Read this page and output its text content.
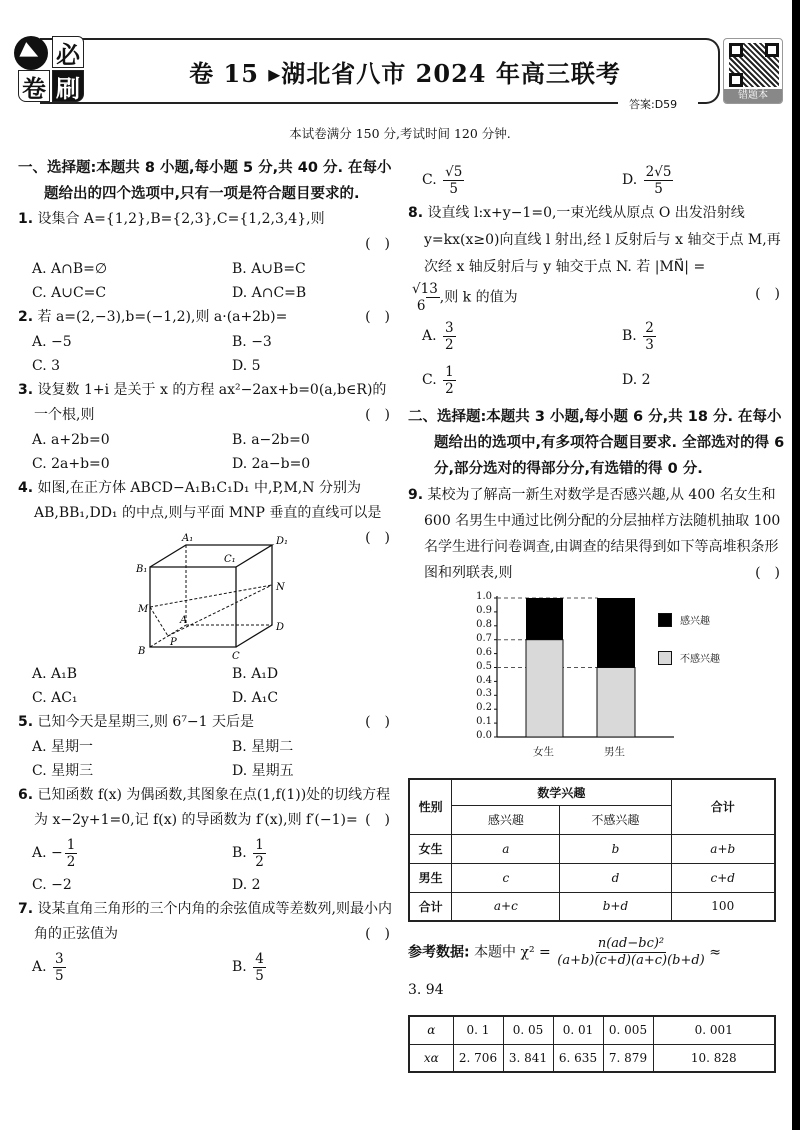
必
卷 刷
卷 15 ▸湖北省八市 2024 年高三联考
答案:D59
错题本
本试卷满分 150 分,考试时间 120 分钟.
一、选择题:本题共 8 小题,每小题 5 分,共 40 分. 在每小题给出的四个选项中,只有一项是符合题目要求的.
1. 设集合 A={1,2},B={2,3},C={1,2,3,4},则
(　)
A. A∩B=∅	B. A∪B=C
C. A∪C=C	D. A∩C=B
2. 若 a=(2,−3),b=(−1,2),则 a·(a+2b)=	(　)
A. −5	B. −3
C. 3	D. 5
3. 设复数 1+i 是关于 x 的方程 ax²−2ax+b=0(a,b∈R)的一个根,则	(　)
A. a+2b=0	B. a−2b=0
C. 2a+b=0	D. 2a−b=0
4. 如图,在正方体 ABCD−A₁B₁C₁D₁ 中,P,M,N 分别为 AB,BB₁,DD₁ 的中点,则与平面 MNP 垂直的直线可以是
(　)
A₁	D₁
B₁
C₁
N
M
A
D
P
B	C
A. A₁B	B. A₁D
C. AC₁	D. A₁C
5. 已知今天是星期三,则 6⁷−1 天后是	(　)
A. 星期一	B. 星期二
C. 星期三	D. 星期五
6. 已知函数 f(x) 为偶函数,其图象在点(1,f(1))处的切线方程为 x−2y+1=0,记 f(x) 的导函数为 f′(x),则 f′(−1)= (　)
A. − $\frac{1}{2}$	B. $\frac{1}{2}$
C. −2	D. 2
7. 设某直角三角形的三个内角的余弦值成等差数列,则最小内角的正弦值为	(　)
A. $\frac{3}{5}$	B. $\frac{4}{5}$
C. $\frac{√5}{5}$	D. $\frac{2√5}{5}$
8. 设直线 l:x+y−1=0,一束光线从原点 O 出发沿射线 y=kx(x≥0)向直线 l 射出,经 l 反射后与 x 轴交于点 M,再次经 x 轴反射后与 y 轴交于点 N. 若 |MN⃗| =

$\frac{√13}{6}$ ,则 k 的值为	(　)
A. $\frac{3}{2}$	B. $\frac{2}{3}$
C. $\frac{1}{2}$	D. 2
二、选择题:本题共 3 小题,每小题 6 分,共 18 分. 在每小题给出的选项中,有多项符合题目要求. 全部选对的得 6 分,部分选对的得部分分,有选错的得 0 分.
9. 某校为了解高一新生对数学是否感兴趣,从 400 名女生和 600 名男生中通过比例分配的分层抽样方法随机抽取 100 名学生进行问卷调查,由调查的结果得到如下等高堆积条形图和列联表,则	(　)
1.0
0.9
0.8
0.7
0.6
0.5
0.4
0.3
0.2
0.1
0.0
女生	男生
感兴趣
不感兴趣
性别	数学兴趣		合计
	感兴趣	不感兴趣	
女生	a	b	a+b
男生	c	d	c+d
合计	a+c	b+d	100
参考数据: 本题中 $\chi^2 = \frac{\text{n(ad−bc)²}}{(a+b)(c+d)(a+c)(b+d)}$ ≈
3. 94
α	0. 1	0. 05	0. 01	0. 005	0. 001
xα	2. 706	3. 841	6. 635	7. 879	10. 828
